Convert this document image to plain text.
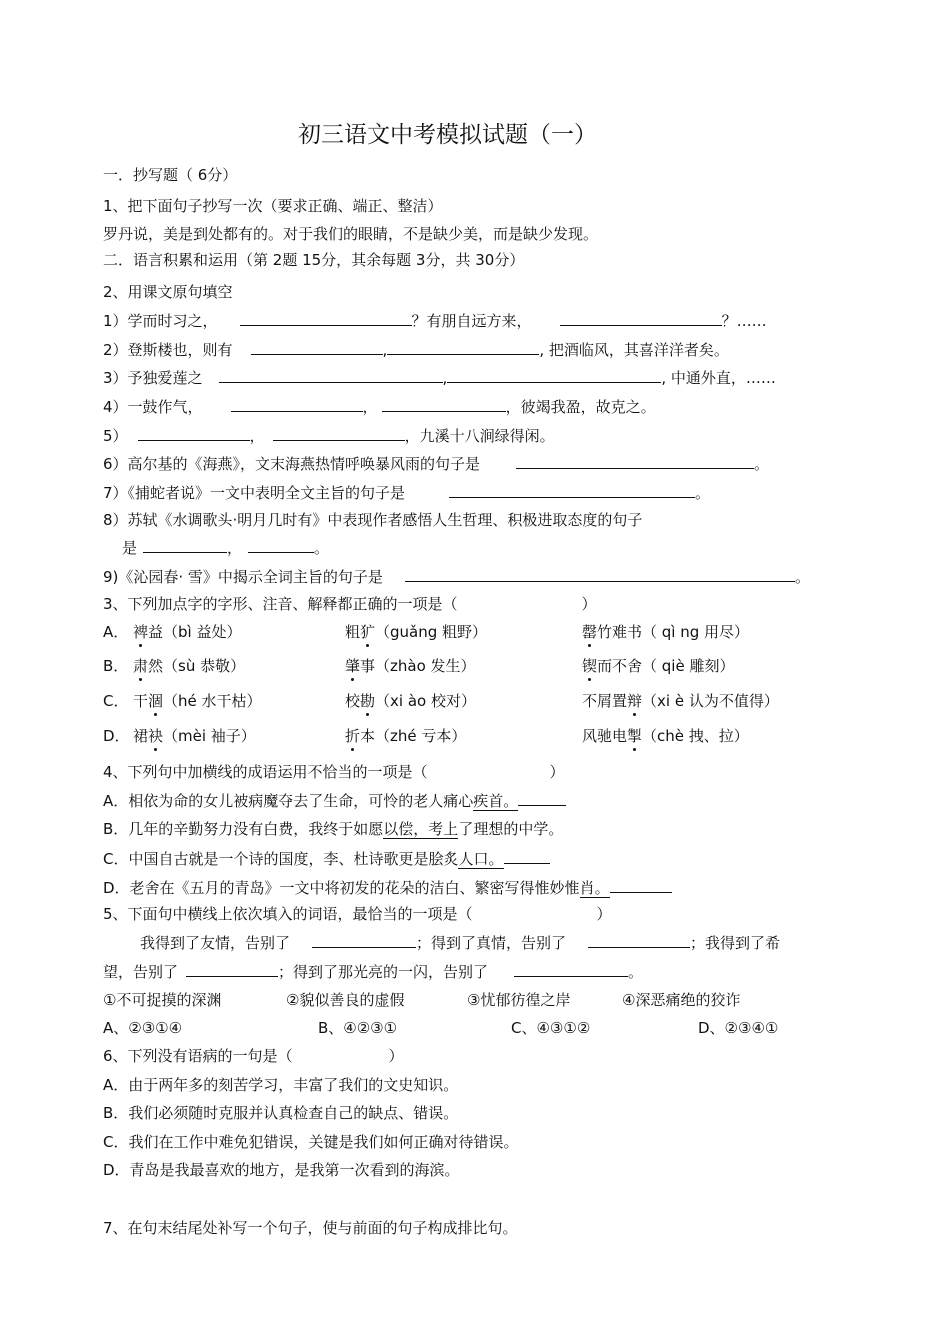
初三语文中考模拟试题（一）
一．抄写题（ 6分）
1、把下面句子抄写一次（要求正确、端正、整洁）
罗丹说，美是到处都有的。对于我们的眼睛，不是缺少美，而是缺少发现。
二．语言积累和运用（第 2题 15分，其余每题 3分，共 30分）
2、用课文原句填空
1）学而时习之，	？有朋自远方来，	？……
2）登斯楼也，则有	,	, 把酒临风，其喜洋洋者矣。
3）予独爱莲之	,	, 中通外直，……
4）一鼓作气，	，	，彼竭我盈，故克之。
5）	，	，九溪十八涧绿得闲。
6）高尔基的《海燕》，文末海燕热情呼唤暴风雨的句子是	。
7）《捕蛇者说》一文中表明全文主旨的句子是	。
8）苏轼《水调歌头·明月几时有》中表现作者感悟人生哲理、积极进取态度的句子
是	，	。
9)《沁园春· 雪》中揭示全词主旨的句子是	。
3、下列加点字的字形、注音、解释都正确的一项是（	）
A． 裨益（bì 益处）	粗犷（guǎng 粗野）	罄竹难书（ qì ng 用尽）
B． 肃然（sù 恭敬）	肇事（zhào 发生）	锲而不舍（ qiè 雕刻）
C． 干涸（hé 水干枯）	校勘（xi ào 校对）	不屑置辩（xi è 认为不值得）
D． 裙袂（mèi 袖子）	折本（zhé 亏本）	风驰电掣（chè 拽、拉）
4、下列句中加横线的成语运用不恰当的一项是（	）
A．相依为命的女儿被病魔夺去了生命，可怜的老人痛心疾首。
B．几年的辛勤努力没有白费，我终于如愿以偿，考上了理想的中学。
C．中国自古就是一个诗的国度，李、杜诗歌更是脍炙人口。
D．老舍在《五月的青岛》一文中将初发的花朵的洁白、繁密写得惟妙惟肖。
5、下面句中横线上依次填入的词语，最恰当的一项是（	）
我得到了友情，告别了	；得到了真情，告别了	；我得到了希
望，告别了	；得到了那光亮的一闪，告别了	。
①不可捉摸的深渊	②貌似善良的虚假	③忧郁彷徨之岸	④深恶痛绝的狡诈
A、②③①④	B、④②③①	C、④③①②	D、②③④①
6、下列没有语病的一句是（	）
A．由于两年多的刻苦学习，丰富了我们的文史知识。
B．我们必须随时克服并认真检查自己的缺点、错误。
C．我们在工作中难免犯错误，关键是我们如何正确对待错误。
D．青岛是我最喜欢的地方，是我第一次看到的海滨。
7、在句末结尾处补写一个句子，使与前面的句子构成排比句。
